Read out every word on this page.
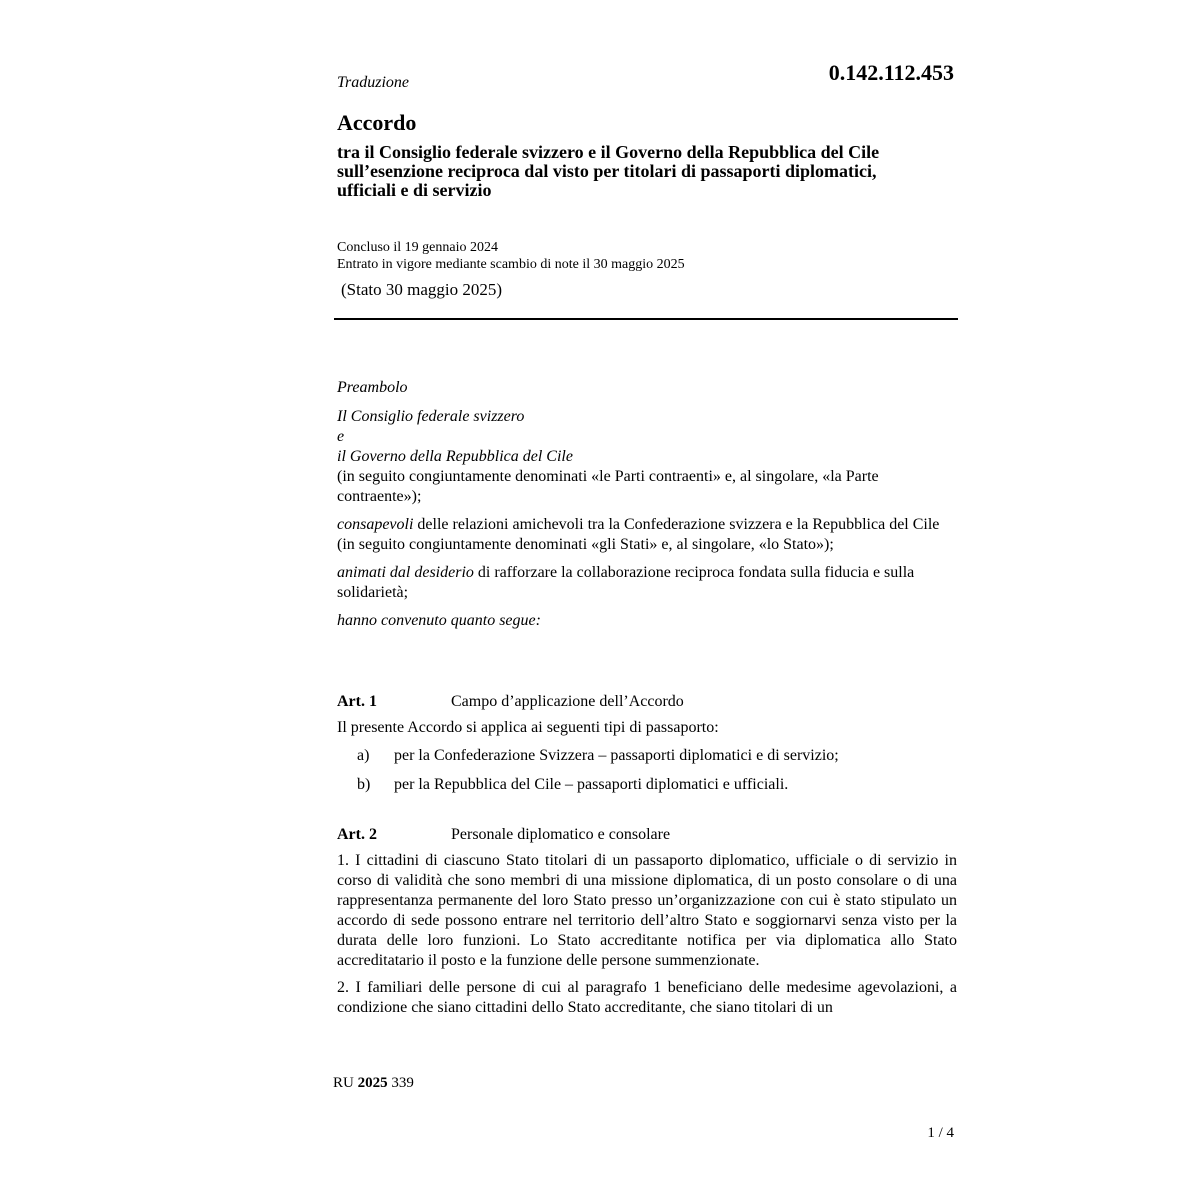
0.142.112.453
Traduzione
Accordo
tra il Consiglio federale svizzero e il Governo della Repubblica del Cile
sull’esenzione reciproca dal visto per titolari di passaporti diplomatici,
ufficiali e di servizio
Concluso il 19 gennaio 2024
Entrato in vigore mediante scambio di note il 30 maggio 2025
(Stato 30 maggio 2025)
Preambolo
Il Consiglio federale svizzero
e
il Governo della Repubblica del Cile
(in seguito congiuntamente denominati «le Parti contraenti» e, al singolare, «la Parte contraente»);

consapevoli delle relazioni amichevoli tra la Confederazione svizzera e la Repubblica del Cile (in seguito congiuntamente denominati «gli Stati» e, al singolare, «lo Stato»);

animati dal desiderio di rafforzare la collaborazione reciproca fondata sulla fiducia e sulla solidarietà;

hanno convenuto quanto segue:

Art. 1	Campo d’applicazione dell’Accordo
Il presente Accordo si applica ai seguenti tipi di passaporto:
a)	per la Confederazione Svizzera – passaporti diplomatici e di servizio;
b)	per la Repubblica del Cile – passaporti diplomatici e ufficiali.
Art. 2	Personale diplomatico e consolare
1. I cittadini di ciascuno Stato titolari di un passaporto diplomatico, ufficiale o di servizio in corso di validità che sono membri di una missione diplomatica, di un posto consolare o di una rappresentanza permanente del loro Stato presso un’organizzazione con cui è stato stipulato un accordo di sede possono entrare nel territorio dell’altro Stato e soggiornarvi senza visto per la durata delle loro funzioni. Lo Stato accreditante notifica per via diplomatica allo Stato accreditatario il posto e la funzione delle persone summenzionate.
2. I familiari delle persone di cui al paragrafo 1 beneficiano delle medesime agevolazioni, a condizione che siano cittadini dello Stato accreditante, che siano titolari di un
RU 2025 339
1 / 4
